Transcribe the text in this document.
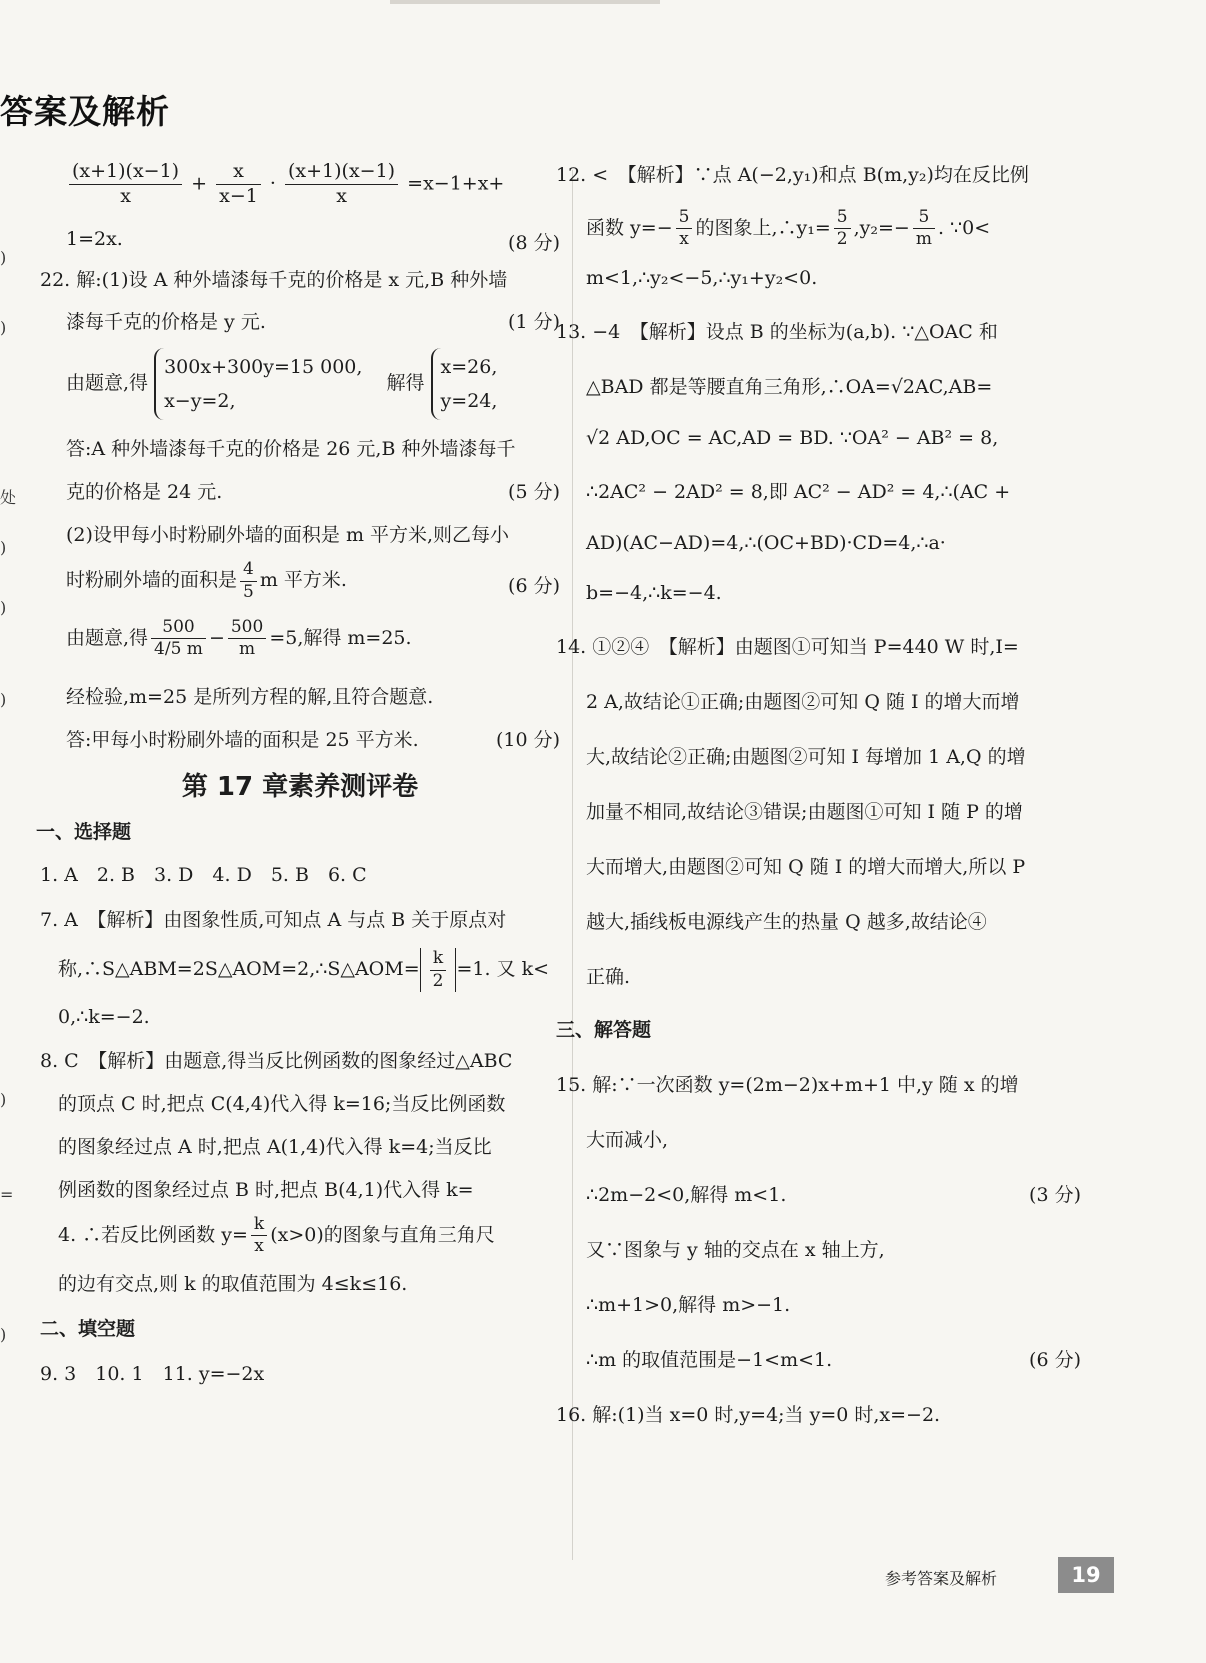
答案及解析
)
)
处
)
)
)
)
=
)
$\frac{(x+1)(x-1)}{x} + \frac{x}{x-1} \cdot \frac{(x+1)(x-1)}{x} =x-1+x+$
1=2x.	(8 分)
22. 解:(1)设 A 种外墙漆每千克的价格是 x 元,B 种外墙
漆每千克的价格是 y 元.	(1 分)
由题意,得
300x+300y=15 000,
x−y=2,
解得
x=26,
y=24,
答:A 种外墙漆每千克的价格是 26 元,B 种外墙漆每千
克的价格是 24 元.	(5 分)
(2)设甲每小时粉刷外墙的面积是 m 平方米,则乙每小
时粉刷外墙的面积是 $\frac{4}{5}$ m 平方米.	(6 分)
由题意,得 $\frac{500}{4/5 m} - \frac{500}{m} =5$,解得 m=25.
经检验,m=25 是所列方程的解,且符合题意.
答:甲每小时粉刷外墙的面积是 25 平方米.	(10 分)
第 17 章素养测评卷
一、选择题
1. A　2. B　3. D　4. D　5. B　6. C
7. A　【解析】由图象性质,可知点 A 与点 B 关于原点对
称,∴S△ABM=2S△AOM=2,∴S△AOM= $\frac{k}{2} =1$. 又 k<
0,∴k=−2.
8. C　【解析】由题意,得当反比例函数的图象经过△ABC
的顶点 C 时,把点 C(4,4)代入得 k=16;当反比例函数
的图象经过点 A 时,把点 A(1,4)代入得 k=4;当反比
例函数的图象经过点 B 时,把点 B(4,1)代入得 k=
4. ∴若反比例函数 $y= \frac{k}{x} (x>0)$的图象与直角三角尺
的边有交点,则 k 的取值范围为 4≤k≤16.
二、填空题
9. 3　10. 1　11. y=−2x
12. <　【解析】∵点 A(−2,y₁)和点 B(m,y₂)均在反比例
函数 $y=- \frac{5}{x}$ 的图象上,∴y₁= $\frac{5}{2} ,y_2=- \frac{5}{m}$ . ∵0<
m<1,∴y₂<−5,∴y₁+y₂<0.
13. −4　【解析】设点 B 的坐标为(a,b). ∵△OAC 和
△BAD 都是等腰直角三角形,∴OA=√2AC,AB=
√2 AD,OC = AC,AD = BD. ∵OA² − AB² = 8,
∴2AC² − 2AD² = 8,即 AC² − AD² = 4,∴(AC +
AD)(AC−AD)=4,∴(OC+BD)·CD=4,∴a·
b=−4,∴k=−4.
14. ①②④　【解析】由题图①可知当 P=440 W 时,I=
2 A,故结论①正确;由题图②可知 Q 随 I 的增大而增
大,故结论②正确;由题图②可知 I 每增加 1 A,Q 的增
加量不相同,故结论③错误;由题图①可知 I 随 P 的增
大而增大,由题图②可知 Q 随 I 的增大而增大,所以 P
越大,插线板电源线产生的热量 Q 越多,故结论④
正确.
三、解答题
15. 解:∵一次函数 y=(2m−2)x+m+1 中,y 随 x 的增
大而减小,
∴2m−2<0,解得 m<1.	(3 分)
又∵图象与 y 轴的交点在 x 轴上方,
∴m+1>0,解得 m>−1.
∴m 的取值范围是−1<m<1.	(6 分)
16. 解:(1)当 x=0 时,y=4;当 y=0 时,x=−2.
参考答案及解析	19
